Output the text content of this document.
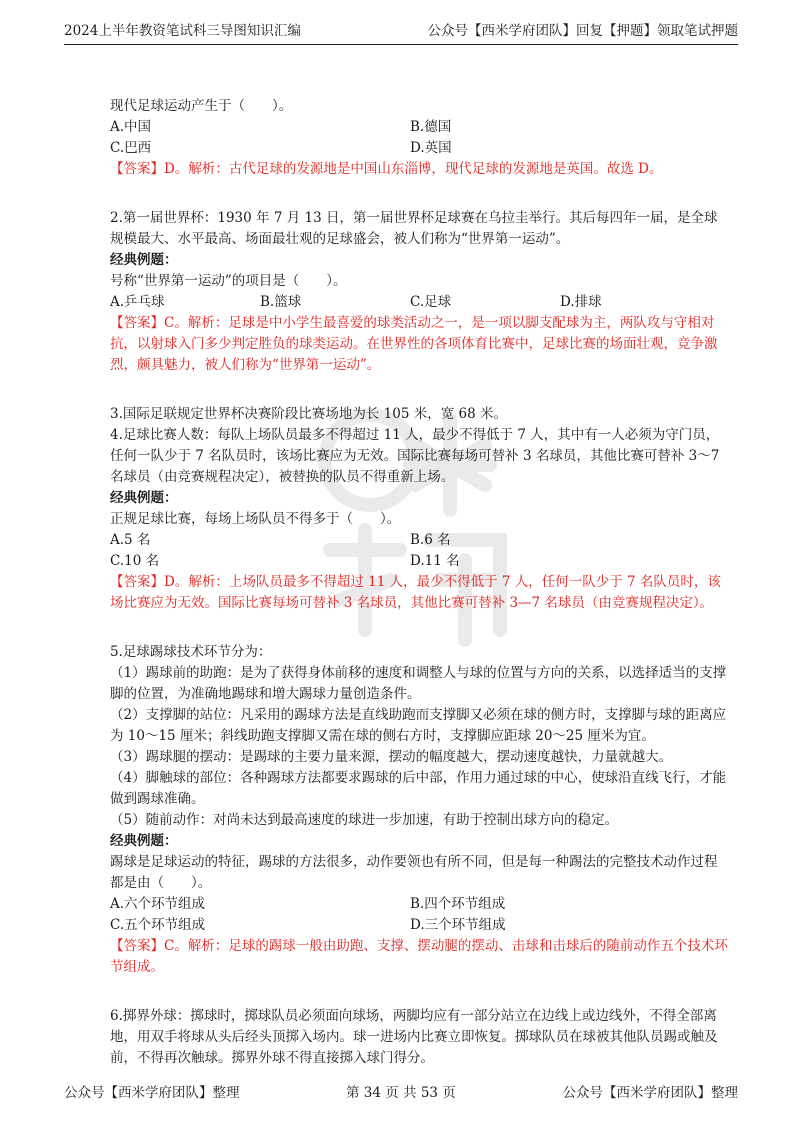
2024上半年教资笔试科三导图知识汇编	公众号【西米学府团队】回复【押题】领取笔试押题

现代足球运动产生于（　　）。

A.中国	B.德国
C.巴西	D.英国

【答案】D。解析：古代足球的发源地是中国山东淄博，现代足球的发源地是英国。故选 D。

2.第一届世界杯：1930 年 7 月 13 日，第一届世界杯足球赛在乌拉圭举行。其后每四年一届，是全球规模最大、水平最高、场面最壮观的足球盛会，被人们称为“世界第一运动”。

经典例题：

号称“世界第一运动”的项目是（　　）。

A.乒乓球	B.篮球	C.足球	D.排球

【答案】C。解析：足球是中小学生最喜爱的球类活动之一，是一项以脚支配球为主，两队攻与守相对抗，以射球入门多少判定胜负的球类运动。在世界性的各项体育比赛中，足球比赛的场面壮观，竞争激烈，颇具魅力，被人们称为“世界第一运动”。

3.国际足联规定世界杯决赛阶段比赛场地为长 105 米，宽 68 米。

4.足球比赛人数：每队上场队员最多不得超过 11 人，最少不得低于 7 人，其中有一人必须为守门员，任何一队少于 7 名队员时，该场比赛应为无效。国际比赛每场可替补 3 名球员，其他比赛可替补 3～7 名球员（由竞赛规程决定），被替换的队员不得重新上场。

经典例题：

正规足球比赛，每场上场队员不得多于（　　）。

A.5 名	B.6 名
C.10 名	D.11 名

【答案】D。解析：上场队员最多不得超过 11 人，最少不得低于 7 人，任何一队少于 7 名队员时，该场比赛应为无效。国际比赛每场可替补 3 名球员，其他比赛可替补 3—7 名球员（由竞赛规程决定）。

5.足球踢球技术环节分为：

（1）踢球前的助跑：是为了获得身体前移的速度和调整人与球的位置与方向的关系，以选择适当的支撑脚的位置，为准确地踢球和增大踢球力量创造条件。

（2）支撑脚的站位：凡采用的踢球方法是直线助跑而支撑脚又必须在球的侧方时，支撑脚与球的距离应为 10～15 厘米；斜线助跑支撑脚又需在球的侧右方时，支撑脚应距球 20～25 厘米为宜。

（3）踢球腿的摆动：是踢球的主要力量来源，摆动的幅度越大，摆动速度越快，力量就越大。

（4）脚触球的部位：各种踢球方法都要求踢球的后中部，作用力通过球的中心，使球沿直线飞行，才能做到踢球准确。

（5）随前动作：对尚未达到最高速度的球进一步加速，有助于控制出球方向的稳定。

经典例题：

踢球是足球运动的特征，踢球的方法很多，动作要领也有所不同，但是每一种踢法的完整技术动作过程都是由（　　）。

A.六个环节组成	B.四个环节组成
C.五个环节组成	D.三个环节组成

【答案】C。解析：足球的踢球一般由助跑、支撑、摆动腿的摆动、击球和击球后的随前动作五个技术环节组成。

6.掷界外球：掷球时，掷球队员必须面向球场，两脚均应有一部分站立在边线上或边线外，不得全部离地，用双手将球从头后经头顶掷入场内。球一进场内比赛立即恢复。掷球队员在球被其他队员踢或触及前，不得再次触球。掷界外球不得直接掷入球门得分。

公众号【西米学府团队】整理	第 34 页 共 53 页	公众号【西米学府团队】整理
